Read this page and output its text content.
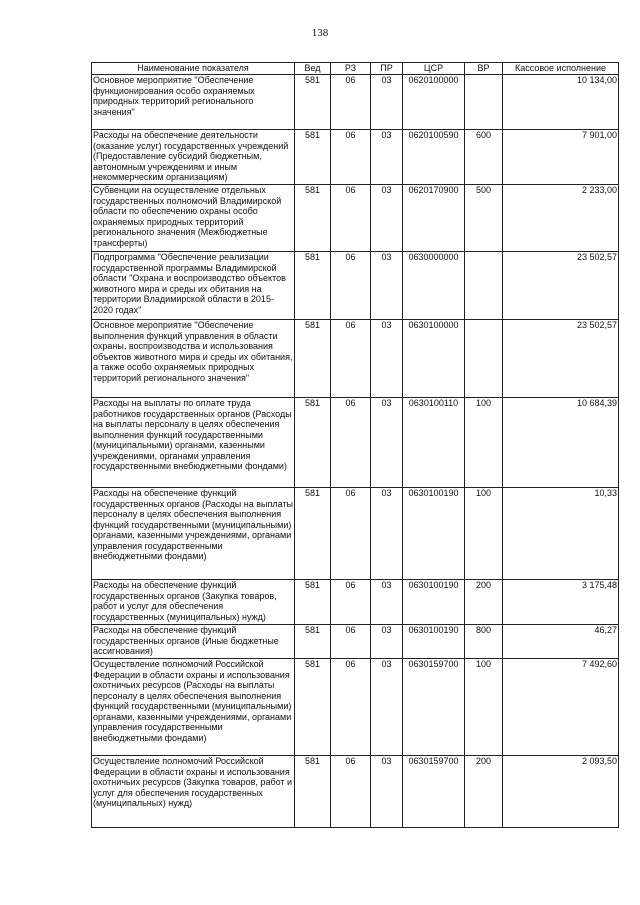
138
Наименование показателя	Вед	РЗ	ПР	ЦСР	ВР	Кассовое исполнение
Основное мероприятие "Обеспечение функционирования особо охраняемых природных территорий регионального значения"	581	06	03	0620100000		10 134,00
Расходы на обеспечение деятельности (оказание услуг) государственных учреждений (Предоставление субсидий бюджетным, автономным учреждениям и иным некоммерческим организациям)	581	06	03	0620100590	600	7 901,00
Субвенции на осуществление отдельных государственных полномочий Владимирской области по обеспечению охраны особо охраняемых природных территорий регионального значения (Межбюджетные трансферты)	581	06	03	0620170900	500	2 233,00
Подпрограмма "Обеспечение реализации государственной программы Владимирской области "Охрана и воспроизводство объектов животного мира и среды их обитания на территории Владимирской области в 2015-2020 годах"	581	06	03	0630000000		23 502,57
Основное мероприятие "Обеспечение выполнения функций управления в области охраны, воспроизводства и использования объектов животного мира и среды их обитания, а также особо охраняемых природных территорий регионального значения"	581	06	03	0630100000		23 502,57
Расходы на выплаты по оплате труда работников государственных органов (Расходы на выплаты персоналу в целях обеспечения выполнения функций государственными (муниципальными) органами, казенными учреждениями, органами управления государственными внебюджетными фондами)	581	06	03	0630100110	100	10 684,39
Расходы на обеспечение функций государственных органов (Расходы на выплаты персоналу в целях обеспечения выполнения функций государственными (муниципальными) органами, казенными учреждениями, органами управления государственными внебюджетными фондами)	581	06	03	0630100190	100	10,33
Расходы на обеспечение функций государственных органов (Закупка товаров, работ и услуг для обеспечения государственных (муниципальных) нужд)	581	06	03	0630100190	200	3 175,48
Расходы на обеспечение функций государственных органов (Иные бюджетные ассигнования)	581	06	03	0630100190	800	46,27
Осуществление полномочий Российской Федерации в области охраны и использования охотничьих ресурсов (Расходы на выплаты персоналу в целях обеспечения выполнения функций государственными (муниципальными) органами, казенными учреждениями, органами управления государственными внебюджетными фондами)	581	06	03	0630159700	100	7 492,60
Осуществление полномочий Российской Федерации в области охраны и использования охотничьих ресурсов (Закупка товаров, работ и услуг для обеспечения государственных (муниципальных) нужд)	581	06	03	0630159700	200	2 093,50
